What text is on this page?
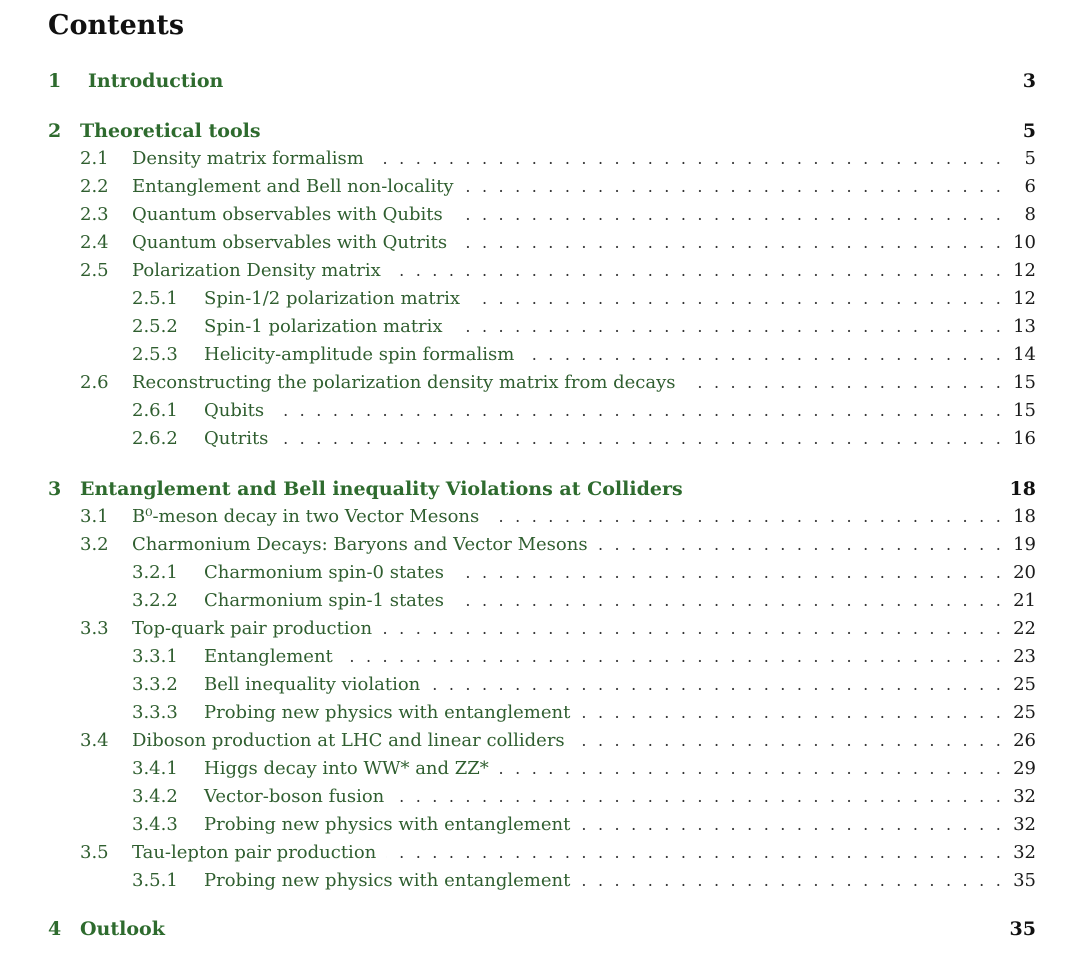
Contents
1 Introduction	3
2 Theoretical tools	5
2.1 Density matrix formalism	5
. . .
2.2 Entanglement and Bell non-locality	6
. . .
2.3 Quantum observables with Qubits	8
. . .
2.4 Quantum observables with Qutrits	10
. . .
2.5 Polarization Density matrix	12
. . .
2.5.1 Spin-1/2 polarization matrix	12
. . .
2.5.2 Spin-1 polarization matrix	13
. . .
2.5.3 Helicity-amplitude spin formalism	14
. . .
2.6 Reconstructing the polarization density matrix from decays	15
. . .
2.6.1 Qubits	15
. . .
2.6.2 Qutrits	16
. . .
3 Entanglement and Bell inequality Violations at Colliders	18
3.1 B⁰-meson decay in two Vector Mesons	18
. . .
3.2 Charmonium Decays: Baryons and Vector Mesons	19
. . .
3.2.1 Charmonium spin-0 states	20
. . .
3.2.2 Charmonium spin-1 states	21
. . .
3.3 Top-quark pair production	22
. . .
3.3.1 Entanglement	23
. . .
3.3.2 Bell inequality violation	25
. . .
3.3.3 Probing new physics with entanglement	25
. . .
3.4 Diboson production at LHC and linear colliders	26
. . .
3.4.1 Higgs decay into WW* and ZZ*	29
. . .
3.4.2 Vector-boson fusion	32
. . .
3.4.3 Probing new physics with entanglement	32
. . .
3.5 Tau-lepton pair production	32
. . .
3.5.1 Probing new physics with entanglement	35
. . .
4 Outlook	35
